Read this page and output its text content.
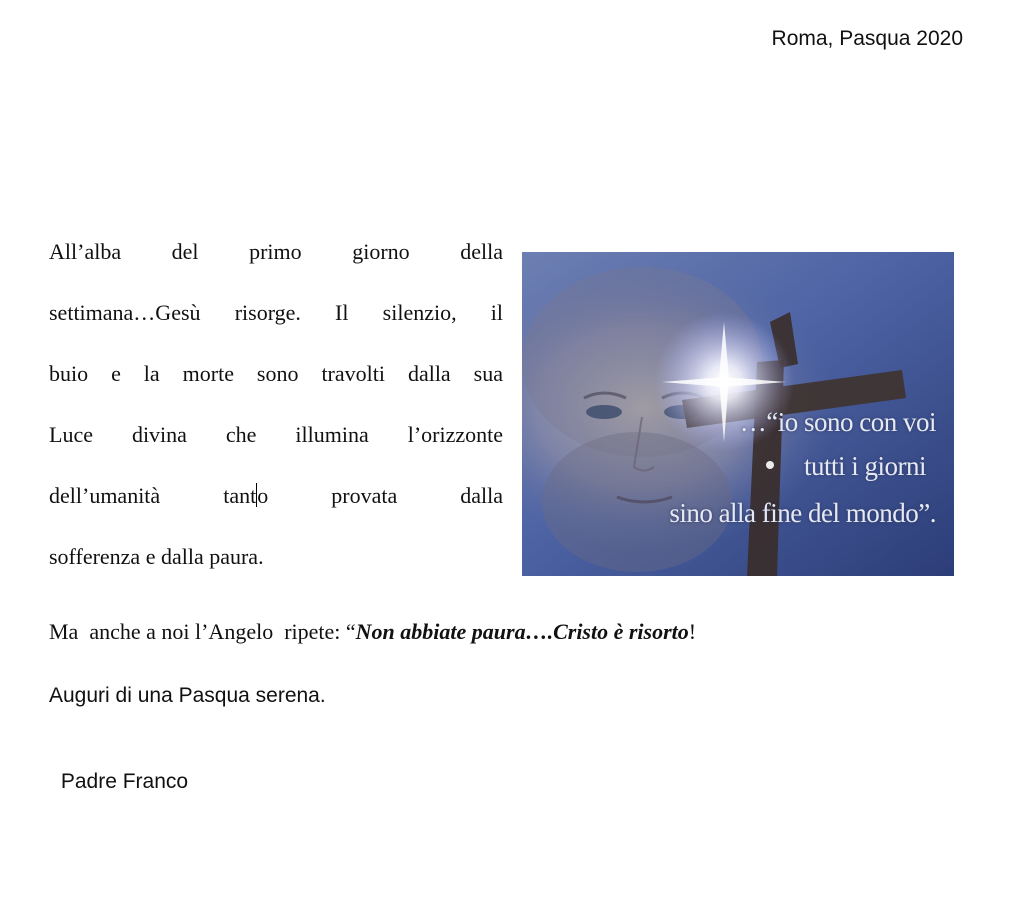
Roma, Pasqua 2020
All’alba del primo giorno della
settimana…Gesù risorge. Il silenzio, il
buio e la morte sono travolti dalla sua
Luce divina che illumina l’orizzonte
dell’umanità	tanto	provata	dalla
sofferenza e dalla paura.
…“io sono con voi
tutti i giorni
sino alla fine del mondo”.
Ma  anche a noi l’Angelo  ripete: “Non abbiate paura….Cristo è risorto!
Auguri di una Pasqua serena.
Padre Franco
